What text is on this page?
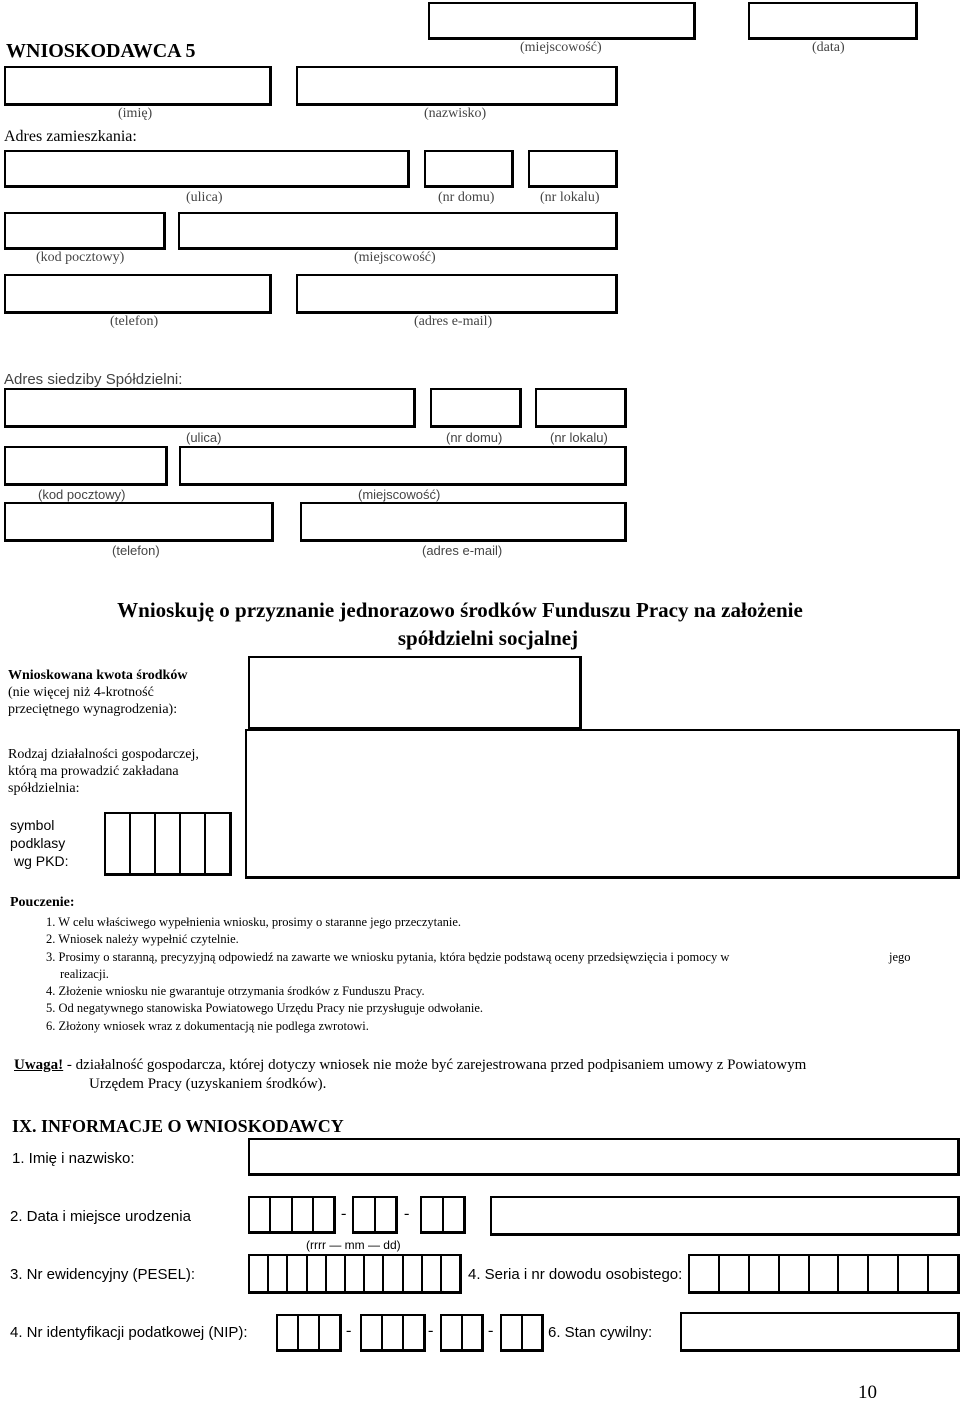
WNIOSKODAWCA 5	(miejscowość)	(data)
(imię)	(nazwisko)
Adres zamieszkania:
(ulica)	(nr domu)	(nr lokalu)
(kod pocztowy)	(miejscowość)
(telefon)	(adres e-mail)
Adres siedziby Spółdzielni:
(ulica)	(nr domu)	(nr lokalu)
(kod pocztowy)	(miejscowość)
(telefon)	(adres e-mail)
Wnioskuję o przyznanie jednorazowo środków Funduszu Pracy na założenie
spółdzielni socjalnej
Wnioskowana kwota środków
(nie więcej niż 4-krotność
przeciętnego wynagrodzenia):
Rodzaj działalności gospodarczej,
którą ma prowadzić zakładana
spółdzielnia:
symbol
podklasy
wg PKD:
Pouczenie:
1. W celu właściwego wypełnienia wniosku, prosimy o staranne jego przeczytanie.
2. Wniosek należy wypełnić czytelnie.
3. Prosimy o staranną, precyzyjną odpowiedź na zawarte we wniosku pytania, która będzie podstawą oceny przedsięwzięcia i pomocy w
realizacji.
4. Złożenie wniosku nie gwarantuje otrzymania środków z Funduszu Pracy.
5. Od negatywnego stanowiska Powiatowego Urzędu Pracy nie przysługuje odwołanie.
6. Złożony wniosek wraz z dokumentacją nie podlega zwrotowi.
jego
Uwaga! - działalność gospodarcza, której dotyczy wniosek nie może być zarejestrowana przed podpisaniem umowy z Powiatowym
Urzędem Pracy (uzyskaniem środków).
IX. INFORMACJE O WNIOSKODAWCY
1. Imię i nazwisko:
2. Data i miejsce urodzenia	-	-
(rrrr — mm — dd)
3. Nr ewidencyjny (PESEL):	4. Seria i nr dowodu osobistego:
4. Nr identyfikacji podatkowej (NIP):	-	-	-	6. Stan cywilny:
10
